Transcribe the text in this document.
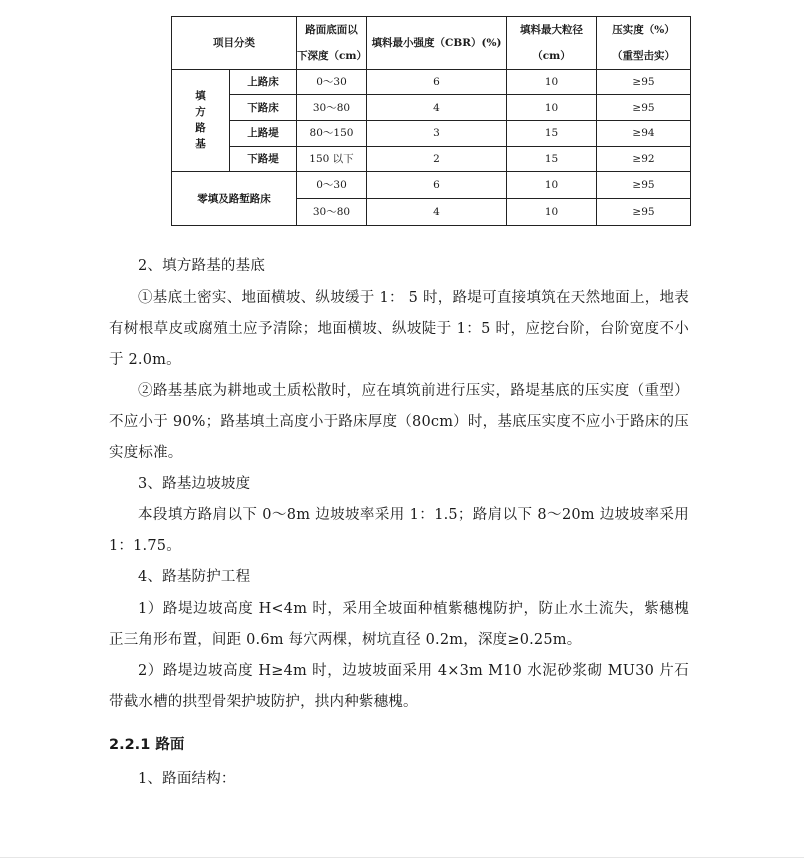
项目分类		路面底面以	填料最小强度（CBR）(%)	填料最大粒径	压实度（%）
		下深度（cm）		（cm）	（重型击实）
填方路基	上路床	0～30	6	10	≥95
	下路床	30～80	4	10	≥95
	上路堤	80～150	3	15	≥94
	下路堤	150 以下	2	15	≥92
零填及路堑路床		0～30	6	10	≥95
		30～80	4	10	≥95

2、填方路基的基底

①基底土密实、地面横坡、纵坡缓于 1： 5 时，路堤可直接填筑在天然地面上，地表有树根草皮或腐殖土应予清除；地面横坡、纵坡陡于 1：5 时，应挖台阶，台阶宽度不小于 2.0m。

②路基基底为耕地或土质松散时，应在填筑前进行压实，路堤基底的压实度（重型）不应小于 90%；路基填土高度小于路床厚度（80cm）时，基底压实度不应小于路床的压实度标准。

3、路基边坡坡度

本段填方路肩以下 0～8m 边坡坡率采用 1：1.5；路肩以下 8～20m 边坡坡率采用 1：1.75。

4、路基防护工程

1）路堤边坡高度 H<4m 时，采用全坡面种植紫穗槐防护，防止水土流失，紫穗槐正三角形布置，间距 0.6m 每穴两棵，树坑直径 0.2m，深度≥0.25m。

2）路堤边坡高度 H≥4m 时，边坡坡面采用 4×3m M10 水泥砂浆砌 MU30 片石带截水槽的拱型骨架护坡防护，拱内种紫穗槐。

2.2.1 路面

1、路面结构：
